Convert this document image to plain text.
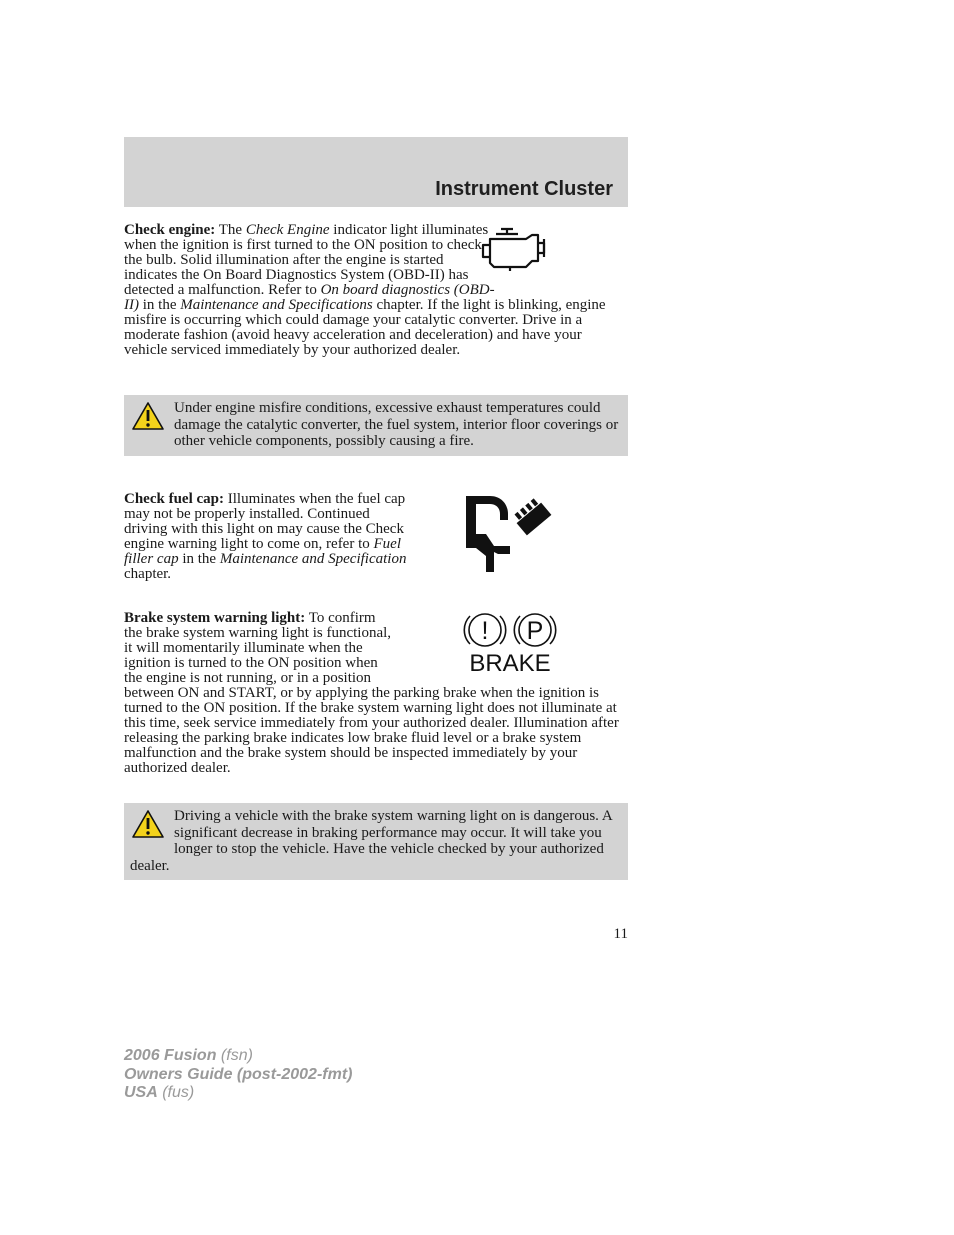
Instrument Cluster

Check engine: The Check Engine indicator light illuminates when the ignition is first turned to the ON position to check the bulb. Solid illumination after the engine is started indicates the On Board Diagnostics System (OBD-II) has detected a malfunction. Refer to On board diagnostics (OBD-II) in the Maintenance and Specifications chapter. If the light is blinking, engine misfire is occurring which could damage your catalytic converter. Drive in a moderate fashion (avoid heavy acceleration and deceleration) and have your vehicle serviced immediately by your authorized dealer.

Under engine misfire conditions, excessive exhaust temperatures could damage the catalytic converter, the fuel system, interior floor coverings or other vehicle components, possibly causing a fire.

Check fuel cap: Illuminates when the fuel cap may not be properly installed. Continued driving with this light on may cause the Check engine warning light to come on, refer to Fuel filler cap in the Maintenance and Specification chapter.

! P
BRAKE

Brake system warning light: To confirm the brake system warning light is functional, it will momentarily illuminate when the ignition is turned to the ON position when the engine is not running, or in a position between ON and START, or by applying the parking brake when the ignition is turned to the ON position. If the brake system warning light does not illuminate at this time, seek service immediately from your authorized dealer. Illumination after releasing the parking brake indicates low brake fluid level or a brake system malfunction and the brake system should be inspected immediately by your authorized dealer.

Driving a vehicle with the brake system warning light on is dangerous. A significant decrease in braking performance may occur. It will take you longer to stop the vehicle. Have the vehicle checked by your authorized dealer.
11
2006 Fusion (fsn)
Owners Guide (post-2002-fmt)
USA (fus)
